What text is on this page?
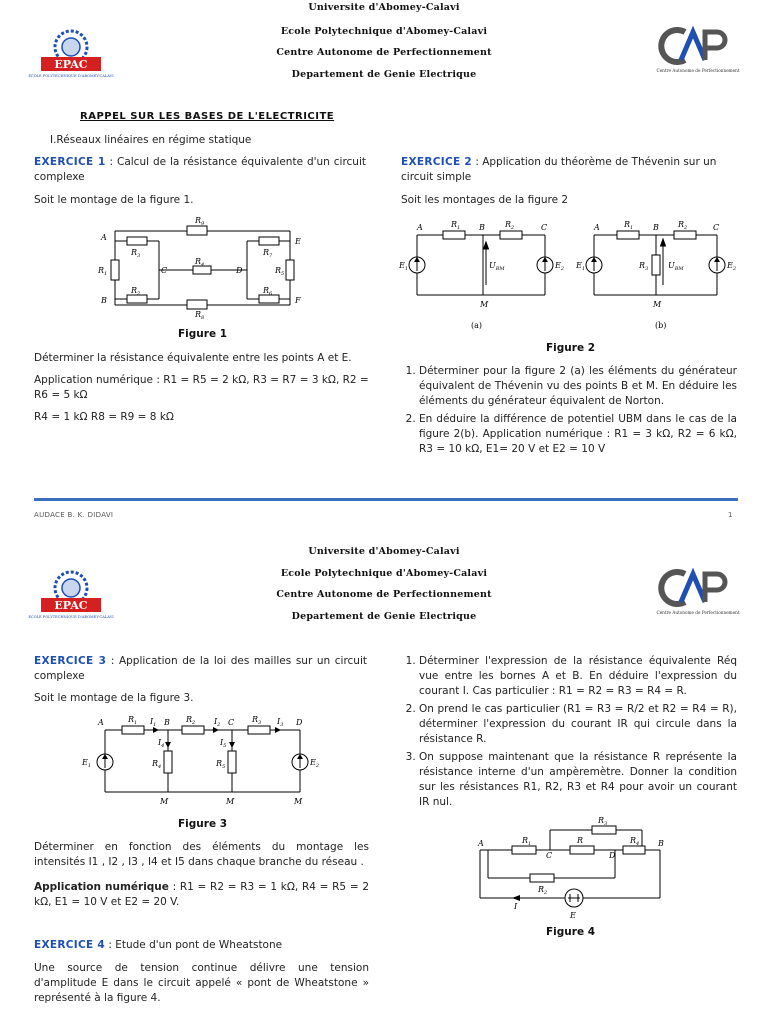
Universite d'Abomey-Calavi
Ecole Polytechnique d'Abomey-Calavi
Centre Autonome de Perfectionnement
Departement de Genie Electrique
EPAC
ECOLE POLYTECHNIQUE D'ABOMEY-CALAVI
Centre Autonome de Perfectionnement
RAPPEL SUR LES BASES DE L'ELECTRICITE
I.Réseaux linéaires en régime statique
EXERCICE 1 : Calcul de la résistance équivalente d'un circuit complexe
Soit le montage de la figure 1.
A
B
C	D
E
F
$R_9$
$R_8$
$R_3$
$R_2$
$R_1$
$R_4$
$R_7$
$R_6$
$R_5$
Figure 1
Déterminer la résistance équivalente entre les points A et E.
Application numérique : R1 = R5 = 2 kΩ, R3 = R7 = 3 kΩ, R2 = R6 = 5 kΩ
R4 = 1 kΩ R8 = R9 = 8 kΩ
EXERCICE 2 : Application du théorème de Thévenin sur un circuit simple
Soit les montages de la figure 2
A	B	C
M
$R_1$	$R_2$
$E_1$	$E_2$
$U_{BM}$
(a)
A	B	C
M
$R_1$	$R_2$
$R_3$
$E_1$	$E_2$
$U_{BM}$
(b)
Figure 2
1. Déterminer pour la figure 2 (a) les éléments du générateur équivalent de Thévenin vu des points B et M. En déduire les éléments du générateur équivalent de Norton.
2. En déduire la différence de potentiel UBM dans le cas de la figure 2(b). Application numérique : R1 = 3 kΩ, R2 = 6 kΩ, R3 = 10 kΩ, E1= 20 V et E2 = 10 V
AUDACE B. K. DIDAVI	1
Universite d'Abomey-Calavi
Ecole Polytechnique d'Abomey-Calavi
Centre Autonome de Perfectionnement
Departement de Genie Electrique
EPAC
ECOLE POLYTECHNIQUE D'ABOMEY-CALAVI
Centre Autonome de Perfectionnement
EXERCICE 3 : Application de la loi des mailles sur un circuit complexe
Soit le montage de la figure 3.
A	B	C	D
M	M	M
$R_1$	$R_2$	$R_3$
$I_1$	$I_2$	$I_3$
$I_4$	$I_5$
$R_4$	$R_5$
$E_1$	$E_2$
Figure 3
Déterminer en fonction des éléments du montage les intensités I1 , I2 , I3 , I4 et I5 dans chaque branche du réseau .
Application numérique : R1 = R2 = R3 = 1 kΩ, R4 = R5 = 2 kΩ, E1 = 10 V et E2 = 20 V.
EXERCICE 4 : Etude d'un pont de Wheatstone
Une source de tension continue délivre une tension d'amplitude E dans le circuit appelé « pont de Wheatstone » représenté à la figure 4.
1. Déterminer l'expression de la résistance équivalente Réq vue entre les bornes A et B. En déduire l'expression du courant I. Cas particulier : R1 = R2 = R3 = R4 = R.
2. On prend le cas particulier (R1 = R3 = R/2 et R2 = R4 = R), déterminer l'expression du courant IR qui circule dans la résistance R.
3. On suppose maintenant que la résistance R représente la résistance interne d'un ampèremètre. Donner la condition sur les résistances R1, R2, R3 et R4 pour avoir un courant IR nul.
A
C	D
B
$R_1$	R	$R_4$
$R_3$
$R_2$
I
E
Figure 4
